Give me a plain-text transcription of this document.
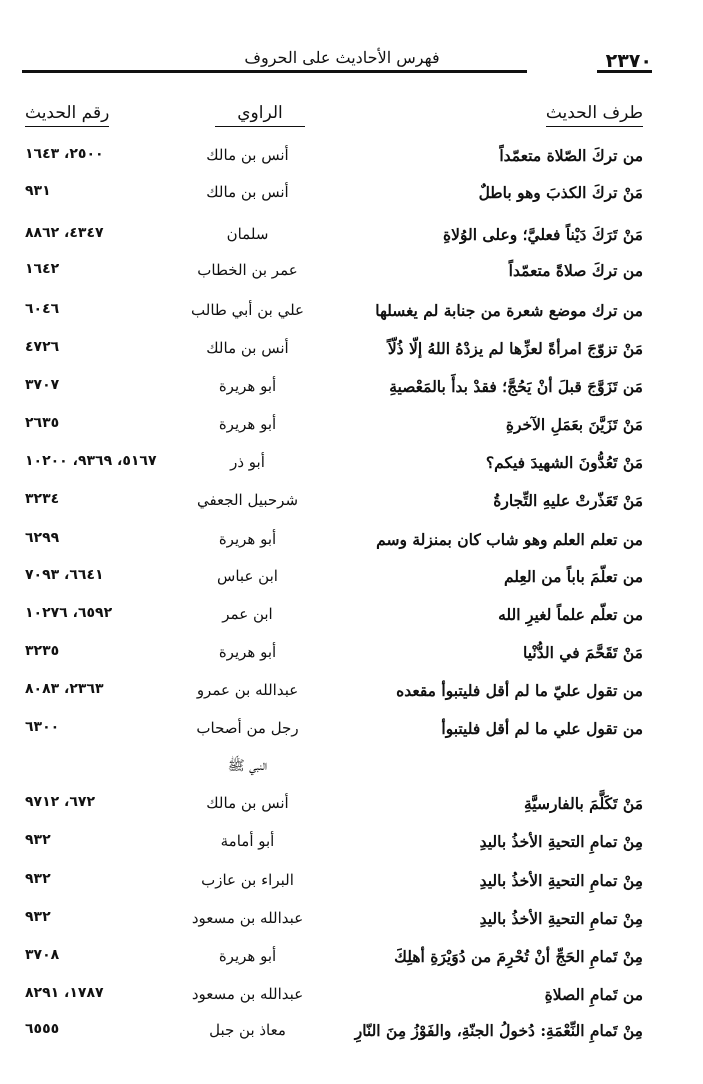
٢٣٧٠
فهرس الأحاديث على الحروف
طرف الحديث
الراوي
رقم الحديث
من تركَ الصّلاة متعمّداً
أنس بن مالك
٢٥٠٠، ١٦٤٣
مَنْ تركَ الكذبَ وهو باطلٌ
أنس بن مالك
٩٣١
مَنْ تَرَكَ دَيْناً فعليَّ؛ وعلى الوُلاةِ
سلمان
٤٣٤٧، ٨٨٦٢
من تركَ صلاةً متعمّداً
عمر بن الخطاب
١٦٤٢
من ترك موضع شعرة من جنابة لم يغسلها
علي بن أبي طالب
٦٠٤٦
مَنْ تزوّجَ امرأةً لعزِّها لم يزدْهُ اللهُ إلّا ذُلّاً
أنس بن مالك
٤٧٢٦
مَن تَزَوَّجَ قبلَ أنْ يَحُجَّ؛ فقدْ بدأَ بالمَعْصيةِ
أبو هريرة
٣٧٠٧
مَنْ تَزَيَّنَ بعَمَلِ الآخرةِ
أبو هريرة
٢٦٣٥
مَنْ تَعُدُّونَ الشهيدَ فيكم؟
أبو ذر
٥١٦٧، ٩٣٦٩، ١٠٢٠٠
مَنْ تَعَذّرتْ عليهِ التِّجارةُ
شرحبيل الجعفي
٣٢٣٤
من تعلم العلم وهو شاب كان بمنزلة وسم
أبو هريرة
٦٢٩٩
من تعلّمَ باباً من العِلم
ابن عباس
٦٦٤١، ٧٠٩٣
من تعلّم علماً لغيرِ الله
ابن عمر
٦٥٩٢، ١٠٢٧٦
مَنْ تَقَحَّمَ في الدُّنْيا
أبو هريرة
٣٢٣٥
من تقول عليّ ما لم أقل فليتبوأ مقعده
عبدالله بن عمرو
٢٣٦٣، ٨٠٨٣
من تقول علي ما لم أقل فليتبوأ
رجل من أصحاب
٦٣٠٠
النبي ﷺ
مَنْ تَكَلَّمَ بالفارسيَّةِ
أنس بن مالك
٦٧٢، ٩٧١٢
مِنْ تمامِ التحيةِ الأخذُ باليدِ
أبو أمامة
٩٣٢
مِنْ تمامِ التحيةِ الأخذُ باليدِ
البراء بن عازب
٩٣٢
مِنْ تمامِ التحيةِ الأخذُ باليدِ
عبدالله بن مسعود
٩٣٢
مِنْ تَمامِ الحَجِّ أنْ تُحْرِمَ من دُوَيْرَةِ أهلِكَ
أبو هريرة
٣٧٠٨
من تَمامِ الصلاةِ
عبدالله بن مسعود
١٧٨٧، ٨٢٩١
مِنْ تَمامِ النِّعْمَةِ: دُخولُ الجنّةِ، والفَوْزُ مِنَ النّارِ
معاذ بن جبل
٦٥٥٥
